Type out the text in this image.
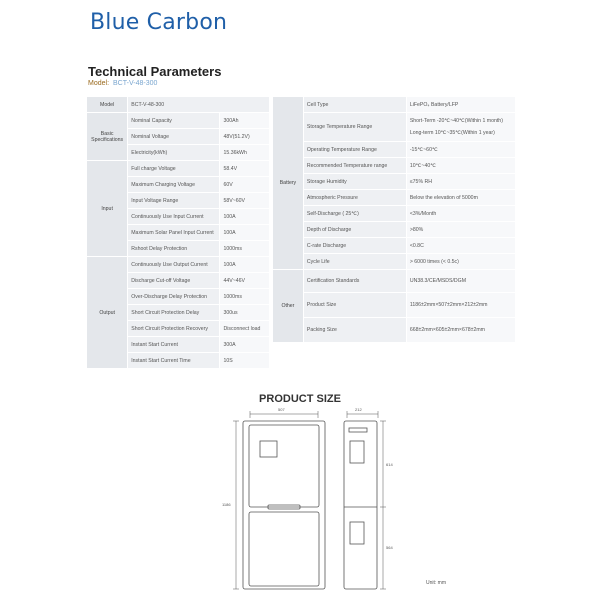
Blue Carbon
Technical Parameters
Model: BCT-V-48-300
Model	BCT-V-48-300	
Basic Specifications	Nominal Capacity	300Ah
	Nominal Voltage	48V(51.2V)
	Electricity(kWh)	15.36kWh
Input	Full charge Voltage	58.4V
	Maximum Charging Voltage	60V
	Input Voltage Range	58V~60V
	Continuously Use Input Current	100A
	Maximum Solar Panel Input Current	100A
	Rshoot Delay Protection	1000ms
Output	Continuously Use Output Current	100A
	Discharge Cut-off Voltage	44V~46V
	Over-Discharge Delay Protection	1000ms
	Short Circuit Protection Delay	300us
	Short Circuit Protection Recovery	Disconnect load
	Instant Start Current	300A
	Instant Start Current Time	10S
Battery	Cell Type	LiFePO₄ Battery/LFP
	Storage Temperature Range	Short-Term -20℃~40℃(Within 1 month)
Long-term 10℃~35℃(Within 1 year)
	Operating Temperature Range	-15℃~60℃
	Recommended Temperature range	10℃~40℃
	Storage Humidity	≤75% RH
	Atmospheric Pressure	Below the elevation of 5000m
	Self-Discharge ( 25℃)	<3%/Month
	Depth of Discharge	>80%
	C-rate Discharge	<0.8C
	Cycle Life	> 6000 times (< 0.5c)
Other	Certification Standards	UN38.3/CE/MSDS/DGM
	Product Size	1186±2mm×507±2mm×212±2mm
	Packing Size	668±2mm×605±2mm×678±2mm
PRODUCT SIZE
507	212
1186
614
564
Unit: mm
